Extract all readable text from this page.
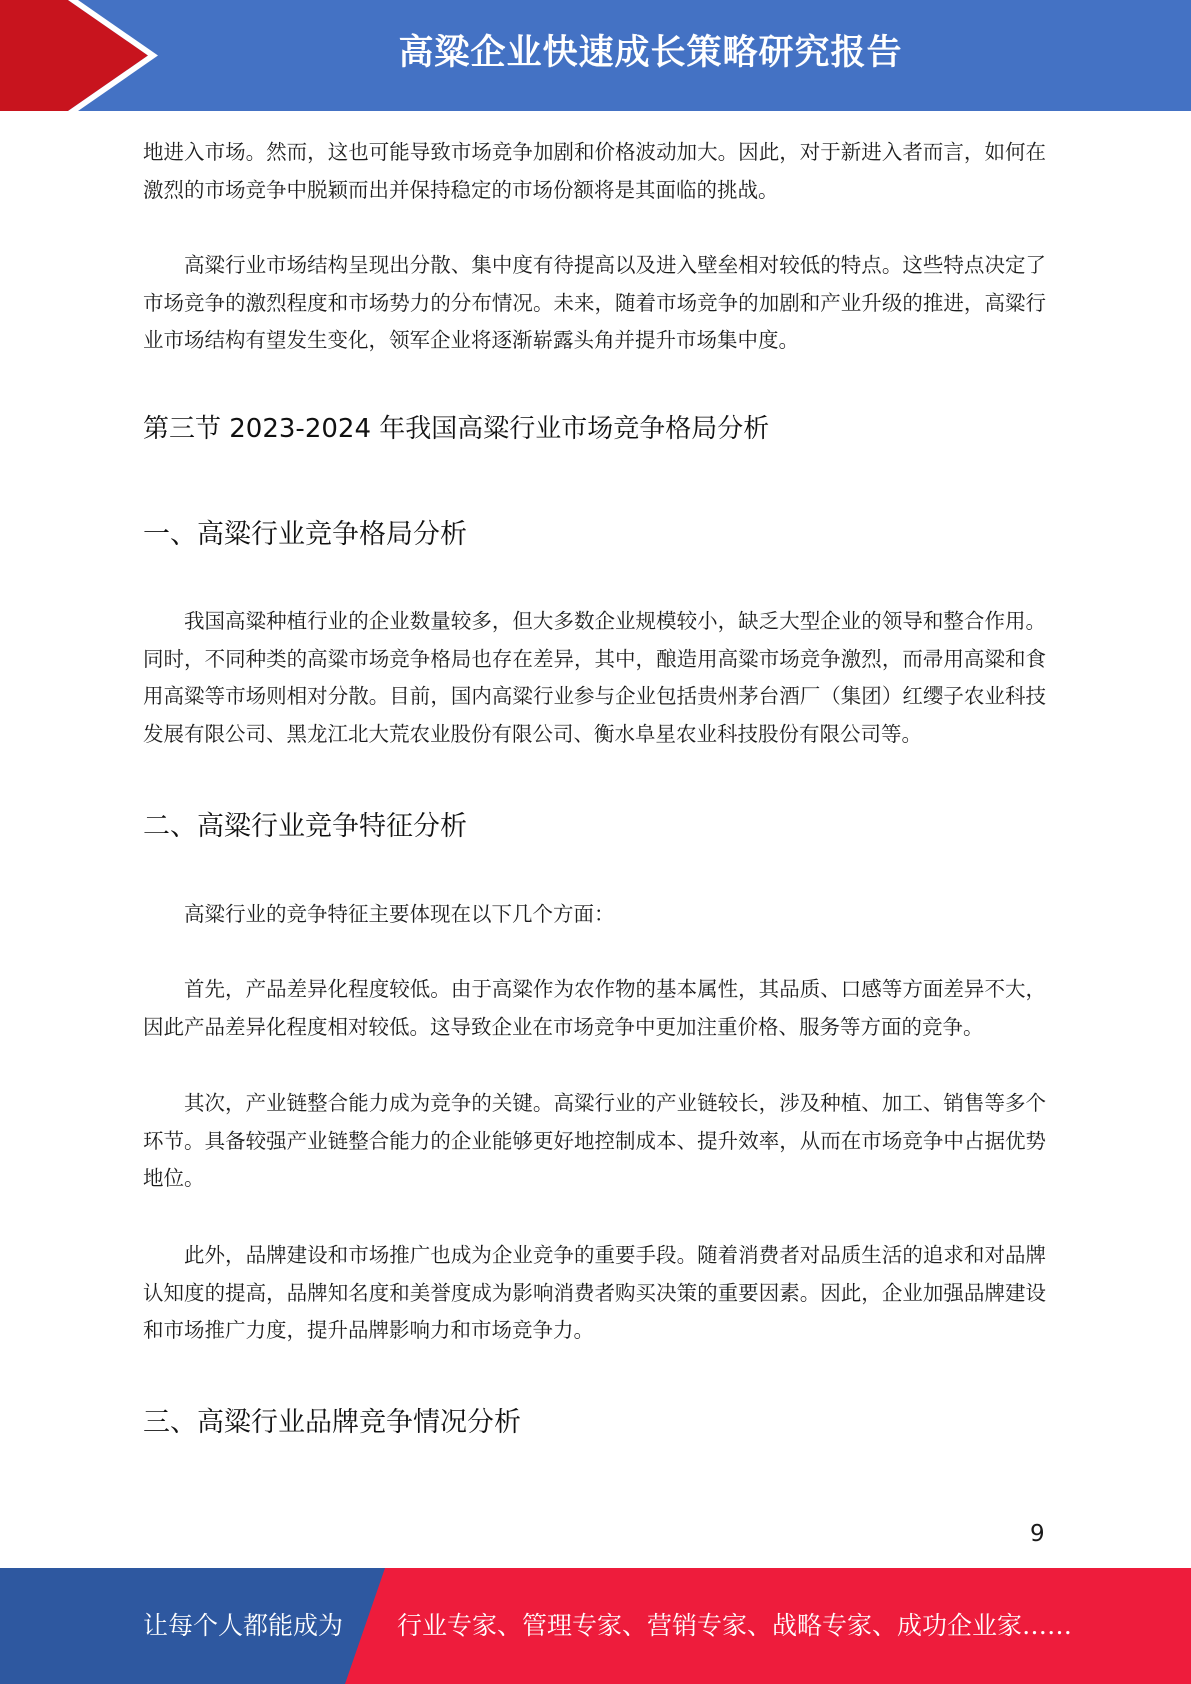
高粱企业快速成长策略研究报告

地进入市场。然而，这也可能导致市场竞争加剧和价格波动加大。因此，对于新进入者而言，如何在激烈的市场竞争中脱颖而出并保持稳定的市场份额将是其面临的挑战。

高粱行业市场结构呈现出分散、集中度有待提高以及进入壁垒相对较低的特点。这些特点决定了市场竞争的激烈程度和市场势力的分布情况。未来，随着市场竞争的加剧和产业升级的推进，高粱行业市场结构有望发生变化，领军企业将逐渐崭露头角并提升市场集中度。

第三节 2023-2024 年我国高粱行业市场竞争格局分析
一、高粱行业竞争格局分析

我国高粱种植行业的企业数量较多，但大多数企业规模较小，缺乏大型企业的领导和整合作用。同时，不同种类的高粱市场竞争格局也存在差异，其中，酿造用高粱市场竞争激烈，而帚用高粱和食用高粱等市场则相对分散。目前，国内高粱行业参与企业包括贵州茅台酒厂（集团）红缨子农业科技发展有限公司、黑龙江北大荒农业股份有限公司、衡水阜星农业科技股份有限公司等。

二、高粱行业竞争特征分析

高粱行业的竞争特征主要体现在以下几个方面：

首先，产品差异化程度较低。由于高粱作为农作物的基本属性，其品质、口感等方面差异不大，因此产品差异化程度相对较低。这导致企业在市场竞争中更加注重价格、服务等方面的竞争。

其次，产业链整合能力成为竞争的关键。高粱行业的产业链较长，涉及种植、加工、销售等多个环节。具备较强产业链整合能力的企业能够更好地控制成本、提升效率，从而在市场竞争中占据优势地位。

此外，品牌建设和市场推广也成为企业竞争的重要手段。随着消费者对品质生活的追求和对品牌认知度的提高，品牌知名度和美誉度成为影响消费者购买决策的重要因素。因此，企业加强品牌建设和市场推广力度，提升品牌影响力和市场竞争力。

三、高粱行业品牌竞争情况分析
9
让每个人都能成为 行业专家、管理专家、营销专家、战略专家、成功企业家……
